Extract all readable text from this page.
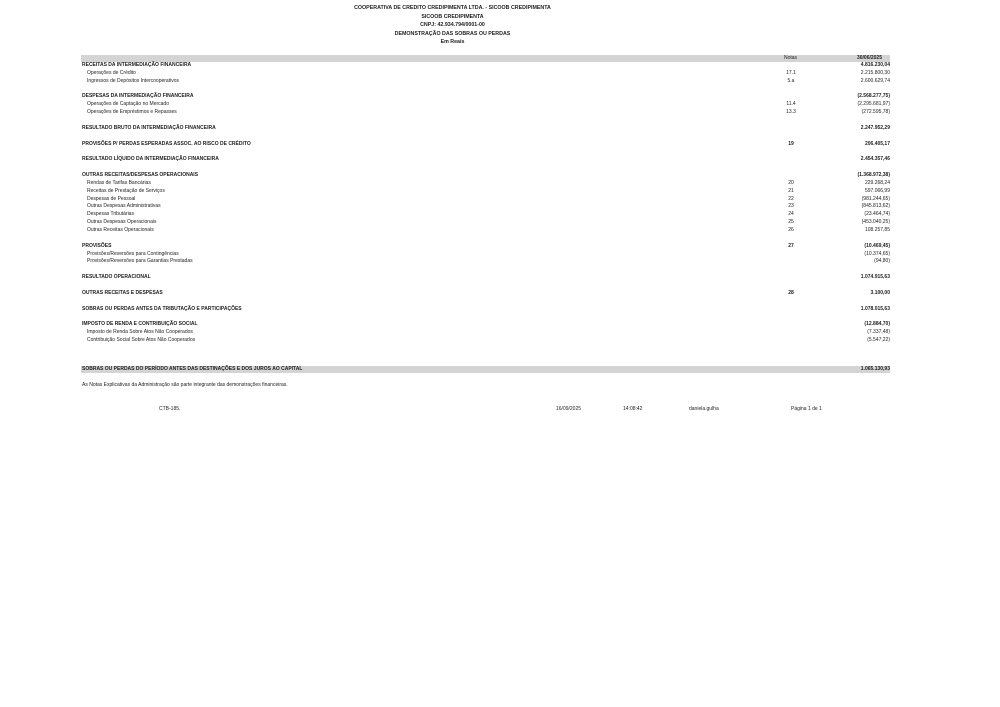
COOPERATIVA DE CREDITO CREDIPIMENTA LTDA. - SICOOB CREDIPIMENTA
SICOOB CREDIPIMENTA
CNPJ: 42.934.794/0001-00
DEMONSTRAÇÃO DAS SOBRAS OU PERDAS
Em Reais
Notas	30/06/2025
RECEITAS DA INTERMEDIAÇÃO FINANCEIRA	4.816.230,04
Operações de Crédito	17.1	2.215.800,30
Ingressos de Depósitos Intercooperativos	5.a	2.600.629,74
DESPESAS DA INTERMEDIAÇÃO FINANCEIRA	(2.568.277,75)
Operações de Captação no Mercado	11.4	(2.295.681,97)
Operações de Empréstimos e Repasses	13.3	(272.595,78)
RESULTADO BRUTO DA INTERMEDIAÇÃO FINANCEIRA	2.247.952,29
PROVISÕES P/ PERDAS ESPERADAS ASSOC. AO RISCO DE CRÉDITO	19	206.405,17
RESULTADO LÍQUIDO DA INTERMEDIAÇÃO FINANCEIRA	2.454.357,46
OUTRAS RECEITAS/DESPESAS OPERACIONAIS	(1.368.972,38)
Rendas de Tarifas Bancárias	20	229.268,24
Receitas de Prestação de Serviços	21	597.066,99
Despesas de Pessoal	22	(981.244,65)
Outras Despesas Administrativas	23	(845.813,62)
Despesas Tributárias	24	(23.464,74)
Outras Despesas Operacionais	25	(453.040,25)
Outras Receitas Operacionais	26	108.257,85
PROVISÕES	27	(10.469,45)
Provisões/Reversões para Contingências	(10.374,65)
Provisões/Reversões para Garantias Prestadas	(94,80)
RESULTADO OPERACIONAL	1.074.915,63
OUTRAS RECEITAS E DESPESAS	28	3.100,00
SOBRAS OU PERDAS ANTES DA TRIBUTAÇÃO E PARTICIPAÇÕES	1.078.015,63
IMPOSTO DE RENDA E CONTRIBUIÇÃO SOCIAL	(12.884,70)
Imposto de Renda Sobre Atos Não Cooperados	(7.337,48)
Contribuição Social Sobre Atos Não Cooperados	(5.547,22)
SOBRAS OU PERDAS DO PERÍODO ANTES DAS DESTINAÇÕES E DOS JUROS AO CAPITAL	1.065.130,93
As Notas Explicativas da Administração são parte integrante das demonstrações financeiras.
CTB-185.	16/09/2025	14:08:42	daniela.gulha	Página 1 de 1
